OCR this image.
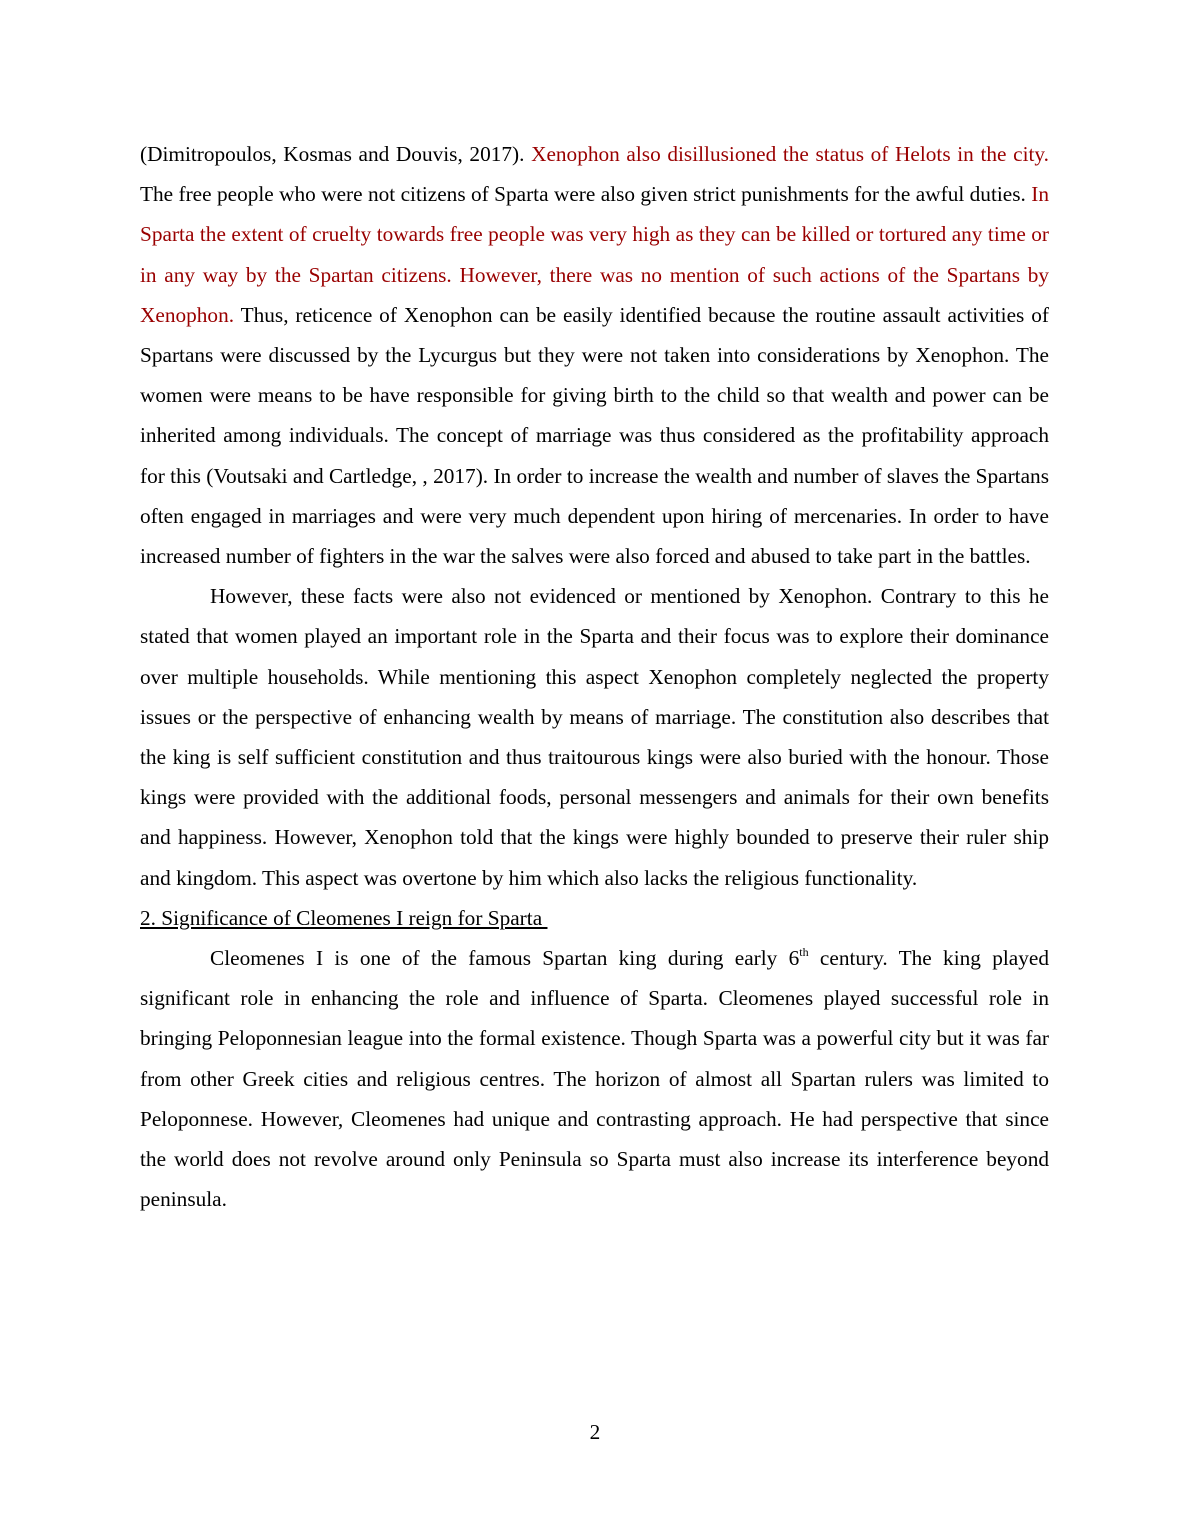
(Dimitropoulos, Kosmas and Douvis, 2017). Xenophon also disillusioned the status of Helots in the city. The free people who were not citizens of Sparta were also given strict punishments for the awful duties. In Sparta the extent of cruelty towards free people was very high as they can be killed or tortured any time or in any way by the Spartan citizens. However, there was no mention of such actions of the Spartans by Xenophon. Thus, reticence of Xenophon can be easily identified because the routine assault activities of Spartans were discussed by the Lycurgus but they were not taken into considerations by Xenophon. The women were means to be have responsible for giving birth to the child so that wealth and power can be inherited among individuals. The concept of marriage was thus considered as the profitability approach for this (Voutsaki and Cartledge, , 2017). In order to increase the wealth and number of slaves the Spartans often engaged in marriages and were very much dependent upon hiring of mercenaries. In order to have increased number of fighters in the war the salves were also forced and abused to take part in the battles.

However, these facts were also not evidenced or mentioned by Xenophon. Contrary to this he stated that women played an important role in the Sparta and their focus was to explore their dominance over multiple households. While mentioning this aspect Xenophon completely neglected the property issues or the perspective of enhancing wealth by means of marriage. The constitution also describes that the king is self sufficient constitution and thus traitourous kings were also buried with the honour. Those kings were provided with the additional foods, personal messengers and animals for their own benefits and happiness. However, Xenophon told that the kings were highly bounded to preserve their ruler ship and kingdom. This aspect was overtone by him which also lacks the religious functionality.

2. Significance of Cleomenes I reign for Sparta

Cleomenes I is one of the famous Spartan king during early 6th century. The king played significant role in enhancing the role and influence of Sparta. Cleomenes played successful role in bringing Peloponnesian league into the formal existence. Though Sparta was a powerful city but it was far from other Greek cities and religious centres. The horizon of almost all Spartan rulers was limited to Peloponnese. However, Cleomenes had unique and contrasting approach. He had perspective that since the world does not revolve around only Peninsula so Sparta must also increase its interference beyond peninsula.

2
